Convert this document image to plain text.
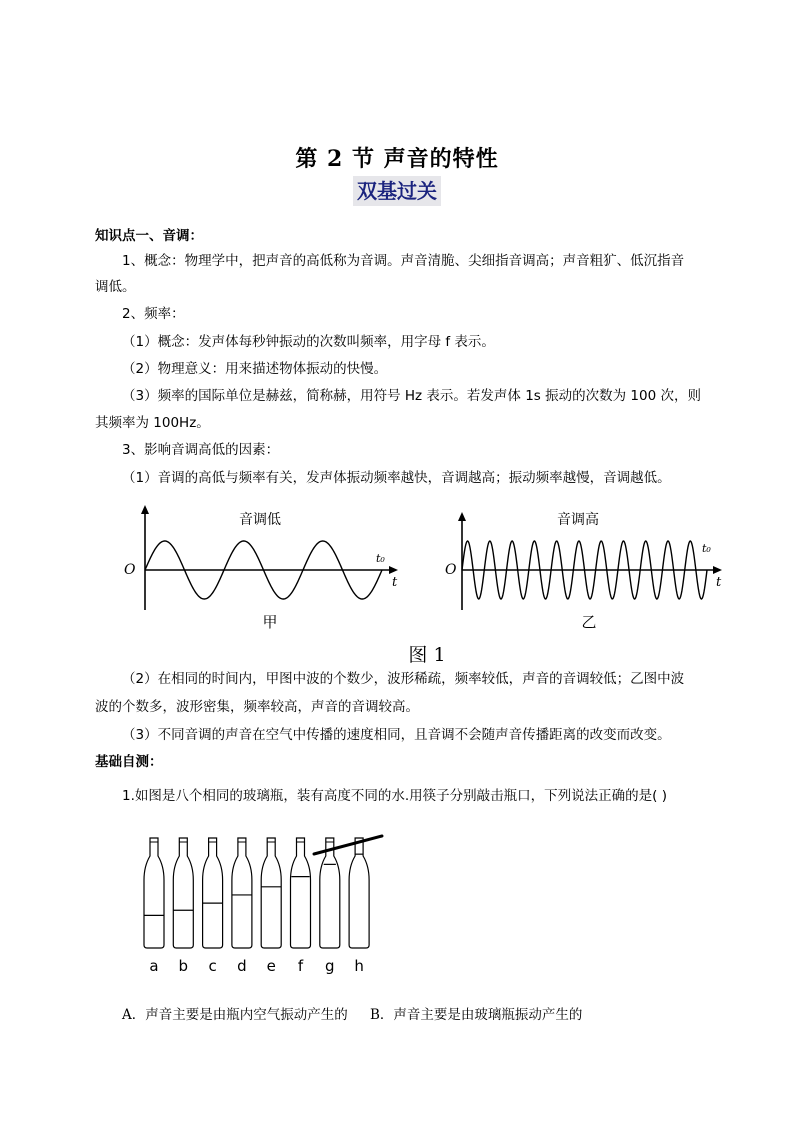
第 2 节 声音的特性
双基过关
知识点一、音调：
1、概念：物理学中，把声音的高低称为音调。声音清脆、尖细指音调高；声音粗犷、低沉指音
调低。
2、频率：
（1）概念：发声体每秒钟振动的次数叫频率，用字母 f 表示。
（2）物理意义：用来描述物体振动的快慢。
（3）频率的国际单位是赫兹，简称赫，用符号 Hz 表示。若发声体 1s 振动的次数为 100 次，则
其频率为 100Hz。
3、影响音调高低的因素：
（1）音调的高低与频率有关，发声体振动频率越快，音调越高；振动频率越慢，音调越低。
音调低
O
t₀
t
甲
音调高
O
t₀
t
乙
图 1
（2）在相同的时间内，甲图中波的个数少，波形稀疏，频率较低，声音的音调较低；乙图中波
波的个数多，波形密集，频率较高，声音的音调较高。
（3）不同音调的声音在空气中传播的速度相同，且音调不会随声音传播距离的改变而改变。
基础自测：
1.如图是八个相同的玻璃瓶，装有高度不同的水.用筷子分别敲击瓶口，下列说法正确的是( )
a b c d e f g h
A．声音主要是由瓶内空气振动产生的 B．声音主要是由玻璃瓶振动产生的
